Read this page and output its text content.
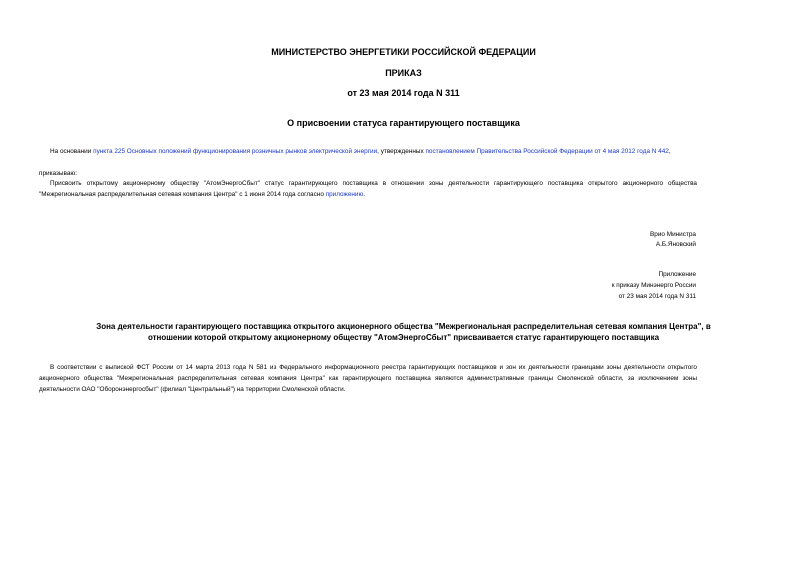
МИНИСТЕРСТВО ЭНЕРГЕТИКИ РОССИЙСКОЙ ФЕДЕРАЦИИ
ПРИКАЗ
от 23 мая 2014 года N 311
О присвоении статуса гарантирующего поставщика
На основании пункта 225 Основных положений функционирования розничных рынков электрической энергии, утвержденных постановлением Правительства Российской Федерации от 4 мая 2012 года N 442,
приказываю:
Присвоить открытому акционерному обществу "АтомЭнергоСбыт" статус гарантирующего поставщика в отношении зоны деятельности гарантирующего поставщика открытого акционерного общества "Межрегиональная распределительная сетевая компания Центра" с 1 июня 2014 года согласно приложению.
Врио Министра
А.Б.Яновский
Приложение
к приказу Минэнерго России
от 23 мая 2014 года N 311
Зона деятельности гарантирующего поставщика открытого акционерного общества "Межрегиональная распределительная сетевая компания Центра", в
отношении которой открытому акционерному обществу "АтомЭнергоСбыт" присваивается статус гарантирующего поставщика
В соответствии с выпиской ФСТ России от 14 марта 2013 года N 581 из Федерального информационного реестра гарантирующих поставщиков и зон их деятельности границами зоны деятельности открытого акционерного общества "Межрегиональная распределительная сетевая компания Центра" как гарантирующего поставщика являются административные границы Смоленской области, за исключением зоны деятельности ОАО "Оборонэнергосбыт" (филиал "Центральный") на территории Смоленской области.
